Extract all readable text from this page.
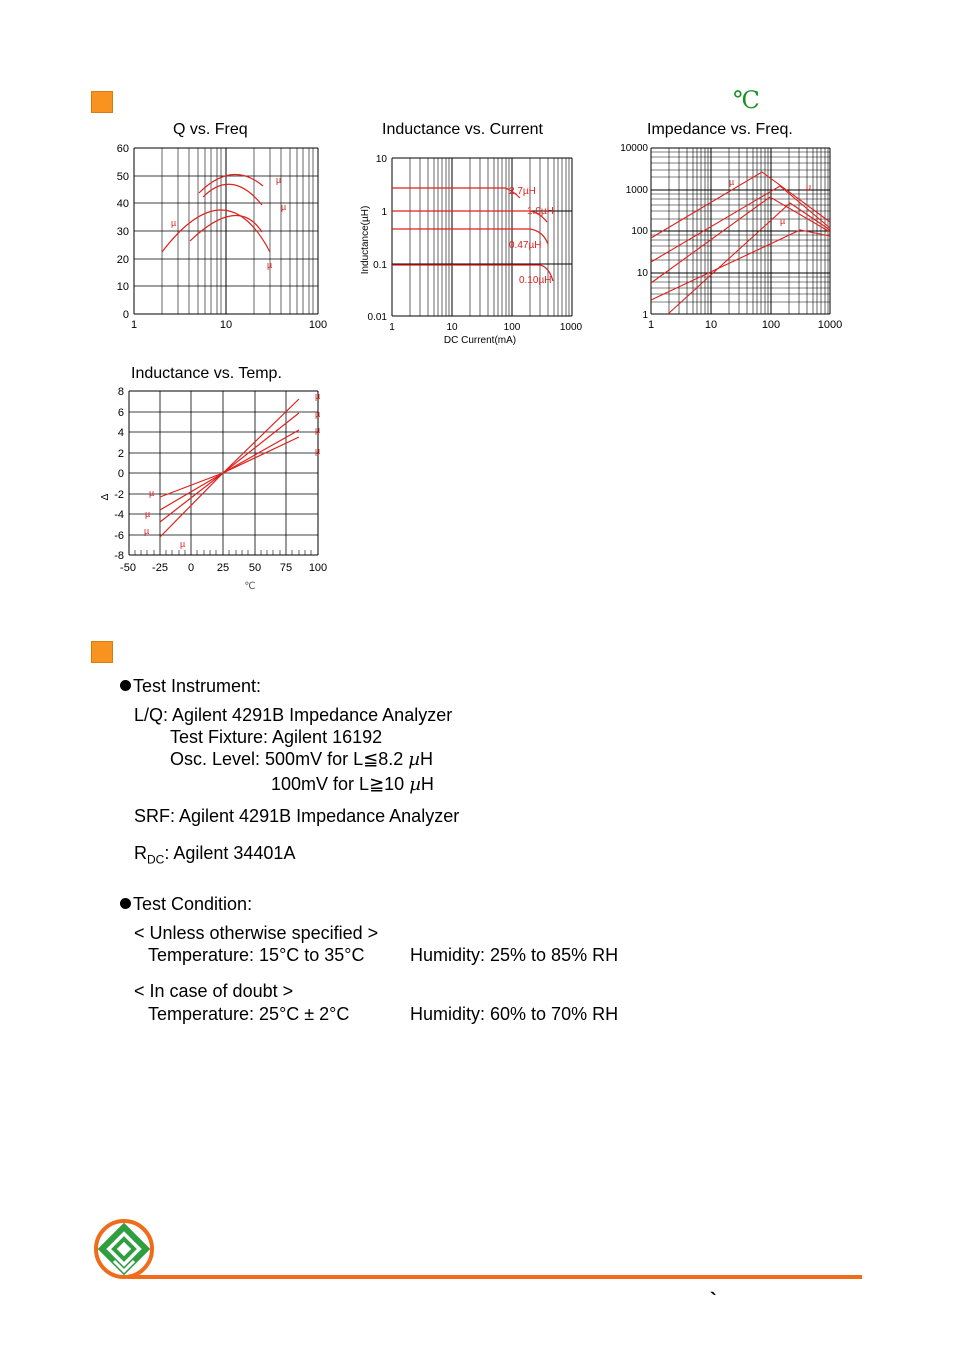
℃
Q vs. Freq	Inductance vs. Current	Impedance vs. Freq.
Inductance vs. Temp.
µ
µ
µ
µ
60
50
40
30
20
10
0
1	10	100
2.7µH
1.0µH
0.47µH
0.10µH
10
1
0.1
0.01
1	10	100	1000
DC Current(mA)
Inductance(µH)
µ	µ
µ
10000
1000
100
10
1
1	10	100	1000
µ
µ
µ
µ
µ
µ
µ
µ
8
6
4
2
0
-2
-4
-6
-8
-50 -25 0 25 50 75 100
℃
Δ
Test Instrument:
L/Q: Agilent 4291B Impedance Analyzer
Test Fixture: Agilent 16192
Osc. Level: 500mV for L≦8.2 µH
100mV for L≧10 µH
SRF: Agilent 4291B Impedance Analyzer
$R_{DC}$: Agilent 34401A
Test Condition:
< Unless otherwise specified >
Temperature: 15°C to 35°C	Humidity: 25% to 85% RH
< In case of doubt >
Temperature: 25°C ± 2°C	Humidity: 60% to 70% RH
`
